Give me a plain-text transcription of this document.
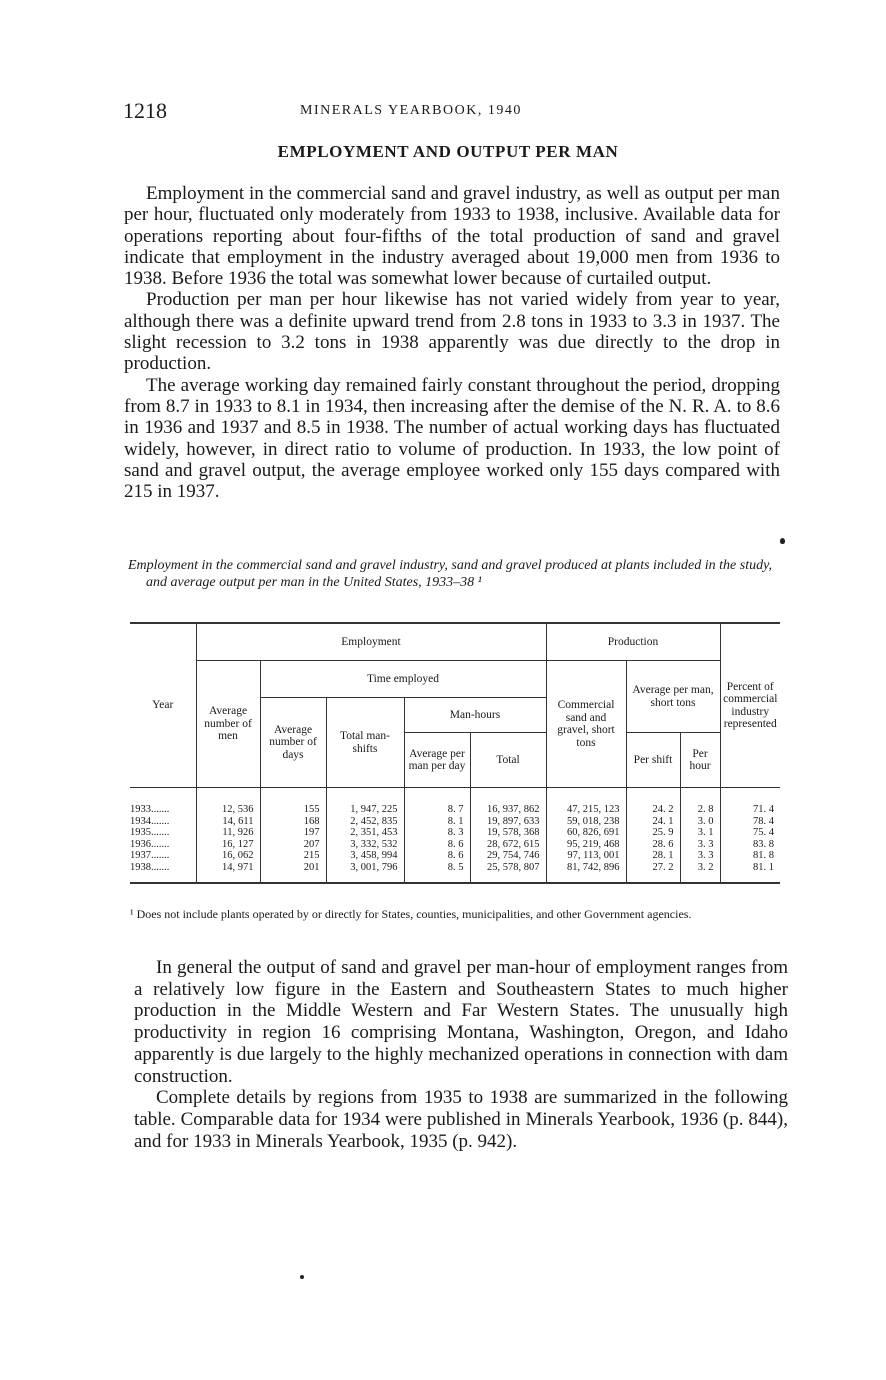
1218	MINERALS YEARBOOK, 1940
EMPLOYMENT AND OUTPUT PER MAN

Employment in the commercial sand and gravel industry, as well as output per man per hour, fluctuated only moderately from 1933 to 1938, inclusive. Available data for operations reporting about four-fifths of the total production of sand and gravel indicate that employment in the industry averaged about 19,000 men from 1936 to 1938. Before 1936 the total was somewhat lower because of curtailed output.

Production per man per hour likewise has not varied widely from year to year, although there was a definite upward trend from 2.8 tons in 1933 to 3.3 in 1937. The slight recession to 3.2 tons in 1938 apparently was due directly to the drop in production.

The average working day remained fairly constant throughout the period, dropping from 8.7 in 1933 to 8.1 in 1934, then increasing after the demise of the N. R. A. to 8.6 in 1936 and 1937 and 8.5 in 1938. The number of actual working days has fluctuated widely, however, in direct ratio to volume of production. In 1933, the low point of sand and gravel output, the average employee worked only 155 days compared with 215 in 1937.

Employment in the commercial sand and gravel industry, sand and gravel produced at plants included in the study, and average output per man in the United States, 1933–38 ¹
Year	Employment					Production			Percent of commercial industry represented
	Average number of men	Time employed				Commercial sand and gravel, short tons	Average per man, short tons		
		Average number of days	Total man-shifts	Man-hours					
				Average per man per day	Total		Per shift	Per hour	
1933.......	12, 536	155	1, 947, 225	8. 7	16, 937, 862	47, 215, 123	24. 2	2. 8	71. 4
1934.......	14, 611	168	2, 452, 835	8. 1	19, 897, 633	59, 018, 238	24. 1	3. 0	78. 4
1935.......	11, 926	197	2, 351, 453	8. 3	19, 578, 368	60, 826, 691	25. 9	3. 1	75. 4
1936.......	16, 127	207	3, 332, 532	8. 6	28, 672, 615	95, 219, 468	28. 6	3. 3	83. 8
1937.......	16, 062	215	3, 458, 994	8. 6	29, 754, 746	97, 113, 001	28. 1	3. 3	81. 8
1938.......	14, 971	201	3, 001, 796	8. 5	25, 578, 807	81, 742, 896	27. 2	3. 2	81. 1
¹ Does not include plants operated by or directly for States, counties, municipalities, and other Government agencies.

In general the output of sand and gravel per man-hour of employment ranges from a relatively low figure in the Eastern and Southeastern States to much higher production in the Middle Western and Far Western States. The unusually high productivity in region 16 comprising Montana, Washington, Oregon, and Idaho apparently is due largely to the highly mechanized operations in connection with dam construction.

Complete details by regions from 1935 to 1938 are summarized in the following table. Comparable data for 1934 were published in Minerals Yearbook, 1936 (p. 844), and for 1933 in Minerals Yearbook, 1935 (p. 942).
